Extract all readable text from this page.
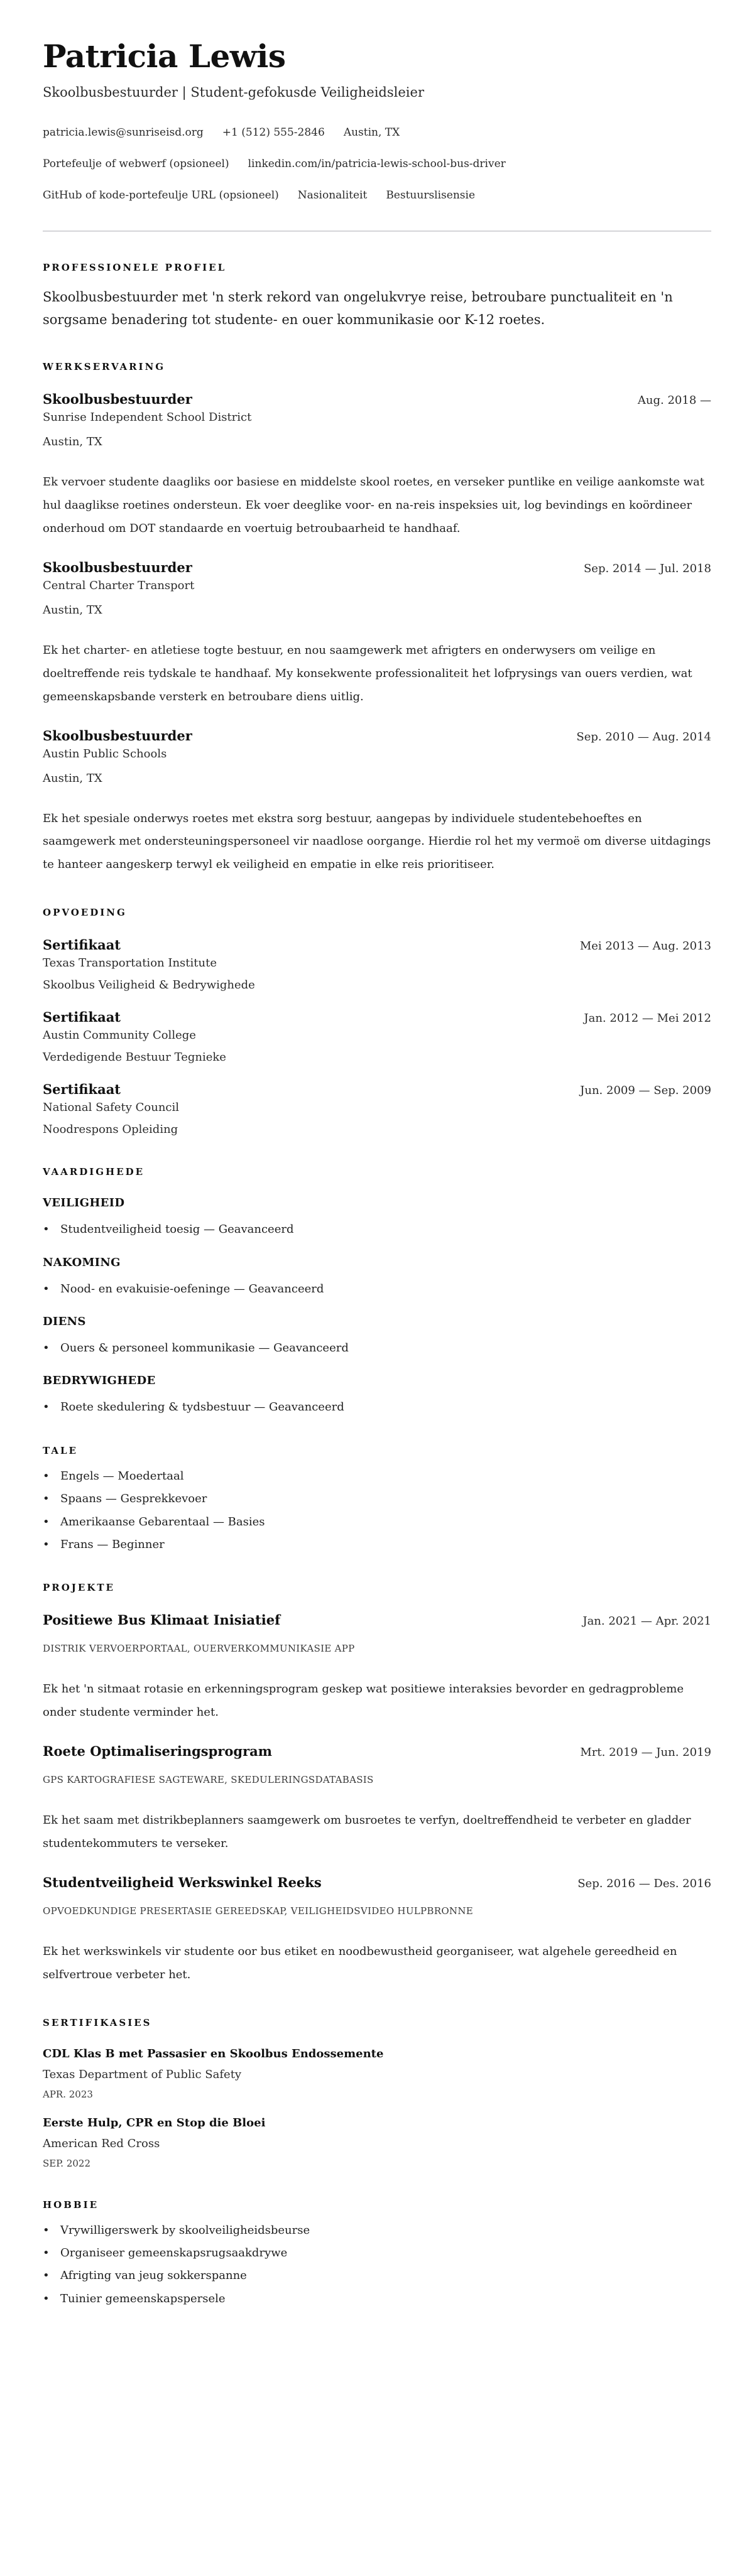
Patricia Lewis
Skoolbusbestuurder | Student-gefokusde Veiligheidsleier
patricia.lewis@sunriseisd.org +1 (512) 555-2846 Austin, TX
Portefeulje of webwerf (opsioneel) linkedin.com/in/patricia-lewis-school-bus-driver
GitHub of kode-portefeulje URL (opsioneel) Nasionaliteit Bestuurslisensie
PROFESSIONELE PROFIEL

Skoolbusbestuurder met 'n sterk rekord van ongelukvrye reise, betroubare punctualiteit en 'n sorgsame benadering tot studente- en ouer kommunikasie oor K-12 roetes.

WERKSERVARING
Skoolbusbestuurder	Aug. 2018 —
Sunrise Independent School District
Austin, TX

Ek vervoer studente daagliks oor basiese en middelste skool roetes, en verseker puntlike en veilige aankomste wat hul daaglikse roetines ondersteun. Ek voer deeglike voor- en na-reis inspeksies uit, log bevindings en koördineer onderhoud om DOT standaarde en voertuig betroubaarheid te handhaaf.

Skoolbusbestuurder	Sep. 2014 — Jul. 2018
Central Charter Transport
Austin, TX

Ek het charter- en atletiese togte bestuur, en nou saamgewerk met afrigters en onderwysers om veilige en doeltreffende reis tydskale te handhaaf. My konsekwente professionaliteit het lofprysings van ouers verdien, wat gemeenskapsbande versterk en betroubare diens uitlig.

Skoolbusbestuurder	Sep. 2010 — Aug. 2014
Austin Public Schools
Austin, TX

Ek het spesiale onderwys roetes met ekstra sorg bestuur, aangepas by individuele studentebehoeftes en saamgewerk met ondersteuningspersoneel vir naadlose oorgange. Hierdie rol het my vermoë om diverse uitdagings te hanteer aangeskerp terwyl ek veiligheid en empatie in elke reis prioritiseer.

OPVOEDING
Sertifikaat	Mei 2013 — Aug. 2013
Texas Transportation Institute
Skoolbus Veiligheid & Bedrywighede
Sertifikaat	Jan. 2012 — Mei 2012
Austin Community College
Verdedigende Bestuur Tegnieke
Sertifikaat	Jun. 2009 — Sep. 2009
National Safety Council
Noodrespons Opleiding
VAARDIGHEDE
VEILIGHEID
• Studentveiligheid toesig — Geavanceerd
NAKOMING
• Nood- en evakuisie-oefeninge — Geavanceerd
DIENS
• Ouers & personeel kommunikasie — Geavanceerd
BEDRYWIGHEDE
• Roete skedulering & tydsbestuur — Geavanceerd
TALE
• Engels — Moedertaal
• Spaans — Gesprekkevoer
• Amerikaanse Gebarentaal — Basies
• Frans — Beginner
PROJEKTE
Positiewe Bus Klimaat Inisiatief	Jan. 2021 — Apr. 2021
DISTRIK VERVOERPORTAAL, OUERVERKOMMUNIKASIE APP

Ek het 'n sitmaat rotasie en erkenningsprogram geskep wat positiewe interaksies bevorder en gedragprobleme onder studente verminder het.

Roete Optimaliseringsprogram	Mrt. 2019 — Jun. 2019
GPS KARTOGRAFIESE SAGTEWARE, SKEDULERINGSDATABASIS

Ek het saam met distrikbeplanners saamgewerk om busroetes te verfyn, doeltreffendheid te verbeter en gladder studentekommuters te verseker.

Studentveiligheid Werkswinkel Reeks	Sep. 2016 — Des. 2016
OPVOEDKUNDIGE PRESERTASIE GEREEDSKAP, VEILIGHEIDSVIDEO HULPBRONNE

Ek het werkswinkels vir studente oor bus etiket en noodbewustheid georganiseer, wat algehele gereedheid en selfvertroue verbeter het.

SERTIFIKASIES
CDL Klas B met Passasier en Skoolbus Endossemente
Texas Department of Public Safety
APR. 2023
Eerste Hulp, CPR en Stop die Bloei
American Red Cross
SEP. 2022
HOBBIE
• Vrywilligerswerk by skoolveiligheidsbeurse
• Organiseer gemeenskapsrugsaakdrywe
• Afrigting van jeug sokkerspanne
• Tuinier gemeenskapspersele
